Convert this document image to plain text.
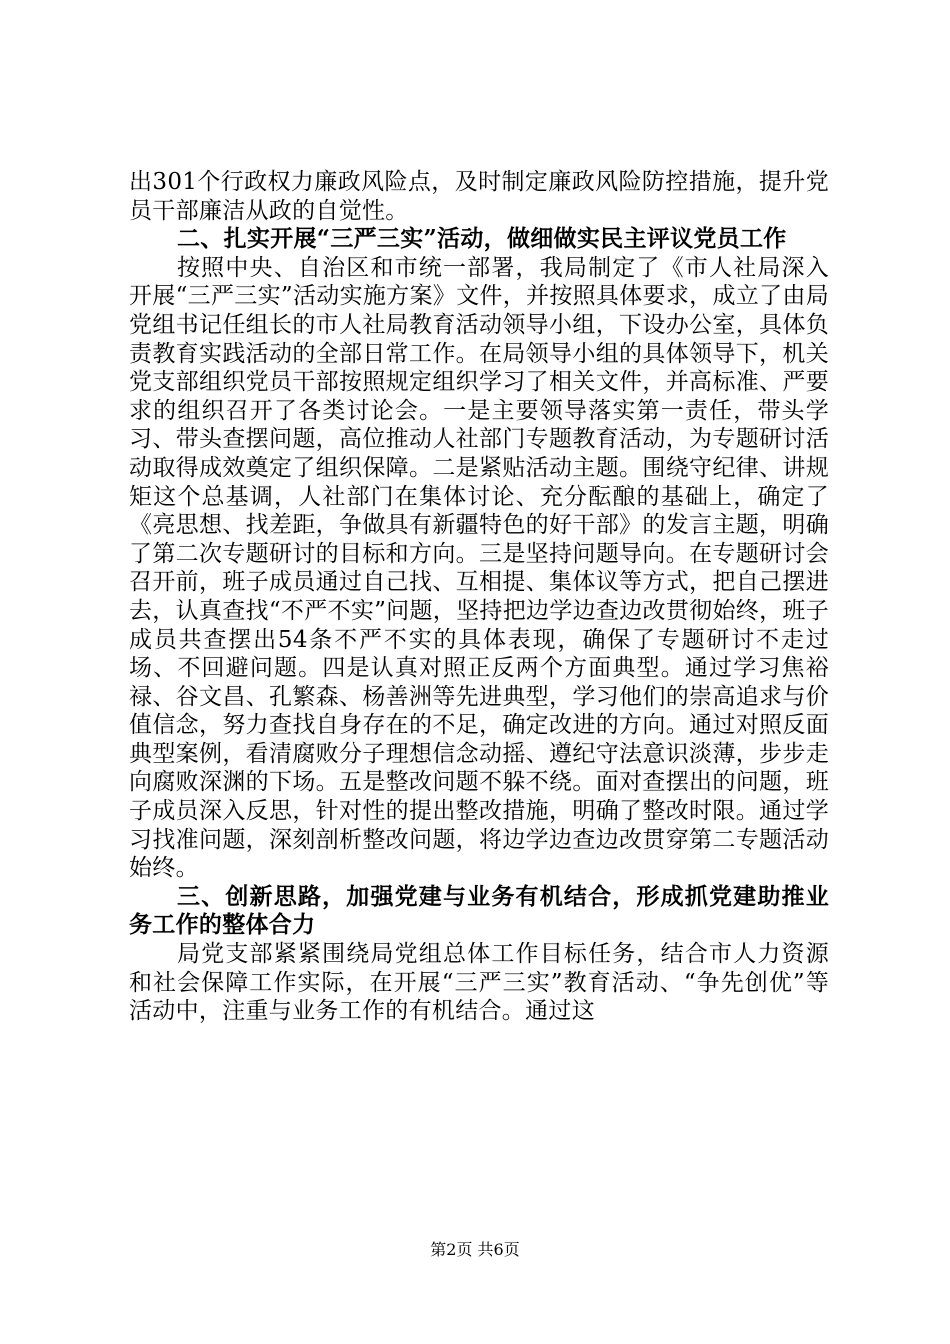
出301个行政权力廉政风险点，及时制定廉政风险防控措施，提升党员干部廉洁从政的自觉性。

二、扎实开展“三严三实”活动，做细做实民主评议党员工作

按照中央、自治区和市统一部署，我局制定了《市人社局深入开展“三严三实”活动实施方案》文件，并按照具体要求，成立了由局党组书记任组长的市人社局教育活动领导小组，下设办公室，具体负责教育实践活动的全部日常工作。在局领导小组的具体领导下，机关党支部组织党员干部按照规定组织学习了相关文件，并高标准、严要求的组织召开了各类讨论会。一是主要领导落实第一责任，带头学习、带头查摆问题，高位推动人社部门专题教育活动，为专题研讨活动取得成效奠定了组织保障。二是紧贴活动主题。围绕守纪律、讲规矩这个总基调，人社部门在集体讨论、充分酝酿的基础上，确定了《亮思想、找差距，争做具有新疆特色的好干部》的发言主题，明确了第二次专题研讨的目标和方向。三是坚持问题导向。在专题研讨会召开前，班子成员通过自己找、互相提、集体议等方式，把自己摆进去，认真查找“不严不实”问题，坚持把边学边查边改贯彻始终，班子成员共查摆出54条不严不实的具体表现，确保了专题研讨不走过场、不回避问题。四是认真对照正反两个方面典型。通过学习焦裕禄、谷文昌、孔繁森、杨善洲等先进典型，学习他们的崇高追求与价值信念，努力查找自身存在的不足，确定改进的方向。通过对照反面典型案例，看清腐败分子理想信念动摇、遵纪守法意识淡薄，步步走向腐败深渊的下场。五是整改问题不躲不绕。面对查摆出的问题，班子成员深入反思，针对性的提出整改措施，明确了整改时限。通过学习找准问题，深刻剖析整改问题，将边学边查边改贯穿第二专题活动始终。

三、创新思路，加强党建与业务有机结合，形成抓党建助推业务工作的整体合力

局党支部紧紧围绕局党组总体工作目标任务，结合市人力资源和社会保障工作实际，在开展“三严三实”教育活动、“争先创优”等活动中，注重与业务工作的有机结合。通过这

第2页 共6页
